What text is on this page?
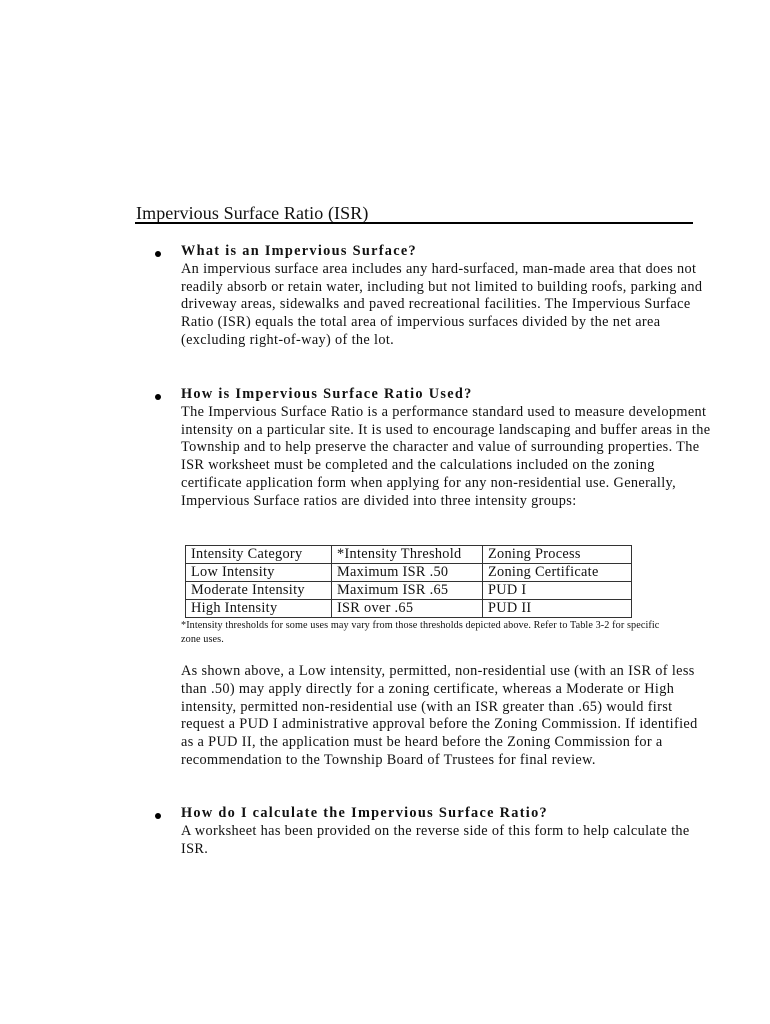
Impervious Surface Ratio (ISR)
What is an Impervious Surface?
An impervious surface area includes any hard-surfaced, man-made area that does not readily absorb or retain water, including but not limited to building roofs, parking and driveway areas, sidewalks and paved recreational facilities. The Impervious Surface Ratio (ISR) equals the total area of impervious surfaces divided by the net area (excluding right-of-way) of the lot.
How is Impervious Surface Ratio Used?
The Impervious Surface Ratio is a performance standard used to measure development intensity on a particular site. It is used to encourage landscaping and buffer areas in the Township and to help preserve the character and value of surrounding properties. The ISR worksheet must be completed and the calculations included on the zoning certificate application form when applying for any non-residential use. Generally, Impervious Surface ratios are divided into three intensity groups:
Intensity Category	*Intensity Threshold	Zoning Process
Low Intensity	Maximum ISR .50	Zoning Certificate
Moderate Intensity	Maximum ISR .65	PUD I
High Intensity	ISR over .65	PUD II
*Intensity thresholds for some uses may vary from those thresholds depicted above. Refer to Table 3-2 for specific zone uses.
As shown above, a Low intensity, permitted, non-residential use (with an ISR of less than .50) may apply directly for a zoning certificate, whereas a Moderate or High intensity, permitted non-residential use (with an ISR greater than .65) would first request a PUD I administrative approval before the Zoning Commission. If identified as a PUD II, the application must be heard before the Zoning Commission for a recommendation to the Township Board of Trustees for final review.
How do I calculate the Impervious Surface Ratio?
A worksheet has been provided on the reverse side of this form to help calculate the ISR.
